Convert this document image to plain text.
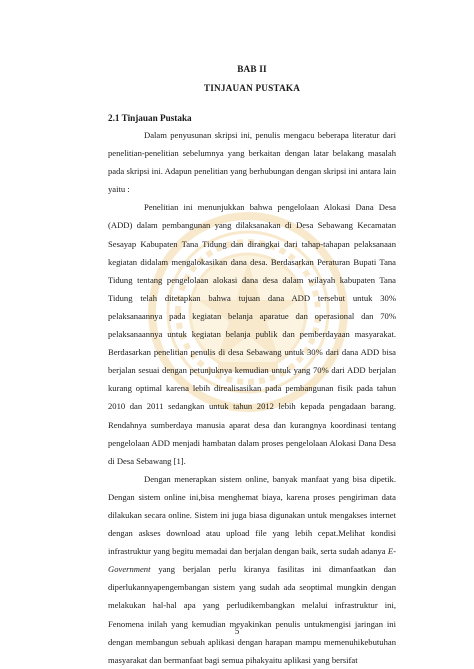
BAB II
TINJAUAN PUSTAKA
2.1 Tinjauan Pustaka

Dalam penyusunan skripsi ini, penulis mengacu beberapa literatur dari penelitian-penelitian sebelumnya yang berkaitan dengan latar belakang masalah pada skripsi ini. Adapun penelitian yang berhubungan dengan skripsi ini antara lain yaitu :

Penelitian ini menunjukkan bahwa pengelolaan Alokasi Dana Desa (ADD) dalam pembangunan yang dilaksanakan di Desa Sebawang Kecamatan Sesayap Kabupaten Tana Tidung dan dirangkai dari tahap-tahapan pelaksanaan kegiatan didalam mengalokasikan dana desa. Berdasarkan Peraturan Bupati Tana Tidung tentang pengelolaan alokasi dana desa dalam wilayah kabupaten Tana Tidung telah ditetapkan bahwa tujuan dana ADD tersebut untuk 30% pelaksanaannya pada kegiatan belanja aparatue dan operasional dan 70% pelaksanaannya untuk kegiatan belanja publik dan pemberdayaan masyarakat. Berdasarkan penelitian penulis di desa Sebawang untuk 30% dari dana ADD bisa berjalan sesuai dengan petunjuknya kemudian untuk yang 70% dari ADD berjalan kurang optimal karena lebih direalisasikan pada pembangunan fisik pada tahun 2010 dan 2011 sedangkan untuk tahun 2012 lebih kepada pengadaan barang. Rendahnya sumberdaya manusia aparat desa dan kurangnya koordinasi tentang pengelolaan ADD menjadi hambatan dalam proses pengelolaan Alokasi Dana Desa di Desa Sebawang [1].

Dengan menerapkan sistem online, banyak manfaat yang bisa dipetik. Dengan sistem online ini,bisa menghemat biaya, karena proses pengiriman data dilakukan secara online. Sistem ini juga biasa digunakan untuk mengakses internet dengan askses download atau upload file yang lebih cepat.Melihat kondisi infrastruktur yang begitu memadai dan berjalan dengan baik, serta sudah adanya E-Government yang berjalan perlu kiranya fasilitas ini dimanfaatkan dan diperlukannyapengembangan sistem yang sudah ada seoptimal mungkin dengan melakukan hal-hal apa yang perludikembangkan melalui infrastruktur ini, Fenomena inilah yang kemudian meyakinkan penulis untukmengisi jaringan ini dengan membangun sebuah aplikasi dengan harapan mampu memenuhikebutuhan masyarakat dan bermanfaat bagi semua pihakyaitu aplikasi yang bersifat

5
